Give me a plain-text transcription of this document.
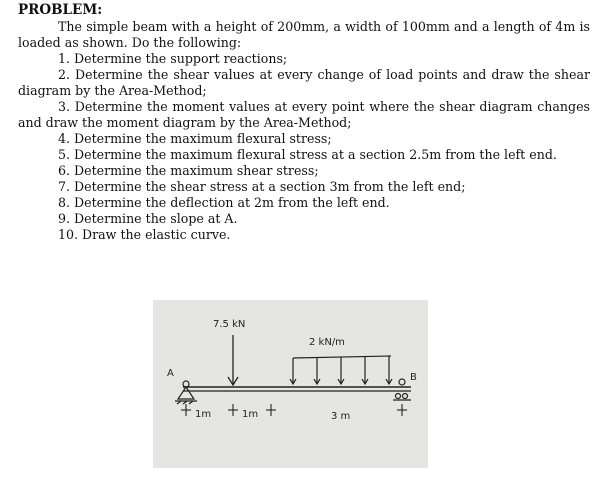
PROBLEM:

The simple beam with a height of 200mm, a width of 100mm and a length of 4m is loaded as shown. Do the following:

1. Determine the support reactions;

2. Determine the shear values at every change of load points and draw the shear diagram by the Area-Method;

3. Determine the moment values at every point where the shear diagram changes and draw the moment diagram by the Area-Method;

4. Determine the maximum flexural stress;
5. Determine the maximum flexural stress at a section 2.5m from the left end.
6. Determine the maximum shear stress;
7. Determine the shear stress at a section 3m from the left end;
8. Determine the deflection at 2m from the left end.
9. Determine the slope at A.
10. Draw the elastic curve.
7.5 kN
2 kN/m
A	B
1m	1m	3 m
